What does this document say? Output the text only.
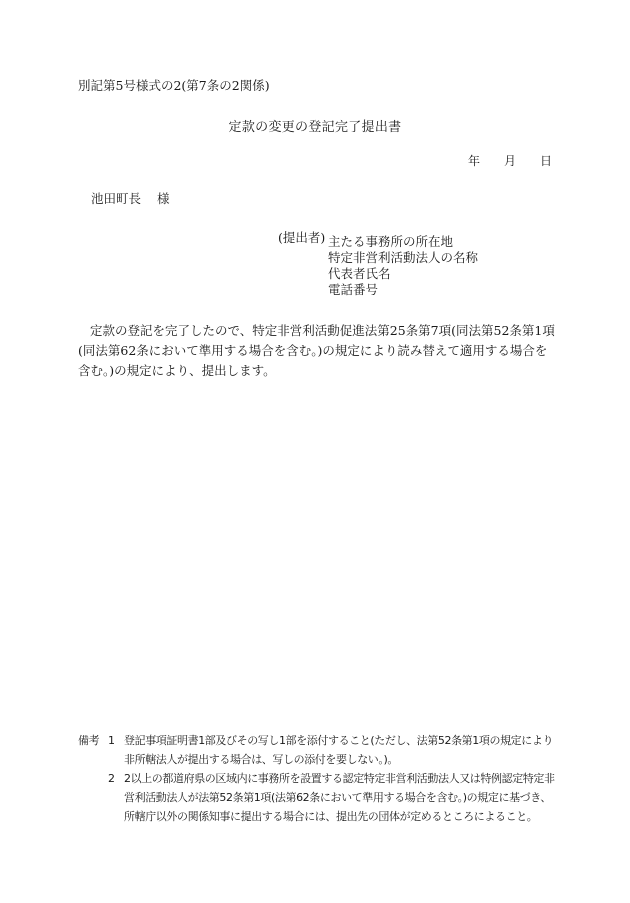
別記第5号様式の2(第7条の2関係)
定款の変更の登記完了提出書
年 月 日
池田町長 様
(提出者) 主たる事務所の所在地
特定非営利活動法人の名称
代表者氏名
電話番号
定款の登記を完了したので、特定非営利活動促進法第25条第7項(同法第52条第1項(同法第62条において準用する場合を含む。)の規定により読み替えて適用する場合を含む。)の規定により、提出します。
備考 1 登記事項証明書1部及びその写し1部を添付すること(ただし、法第52条第1項の規定により非所轄法人が提出する場合は、写しの添付を要しない。)。
2 2以上の都道府県の区域内に事務所を設置する認定特定非営利活動法人又は特例認定特定非営利活動法人が法第52条第1項(法第62条において準用する場合を含む。)の規定に基づき、所轄庁以外の関係知事に提出する場合には、提出先の団体が定めるところによること。
